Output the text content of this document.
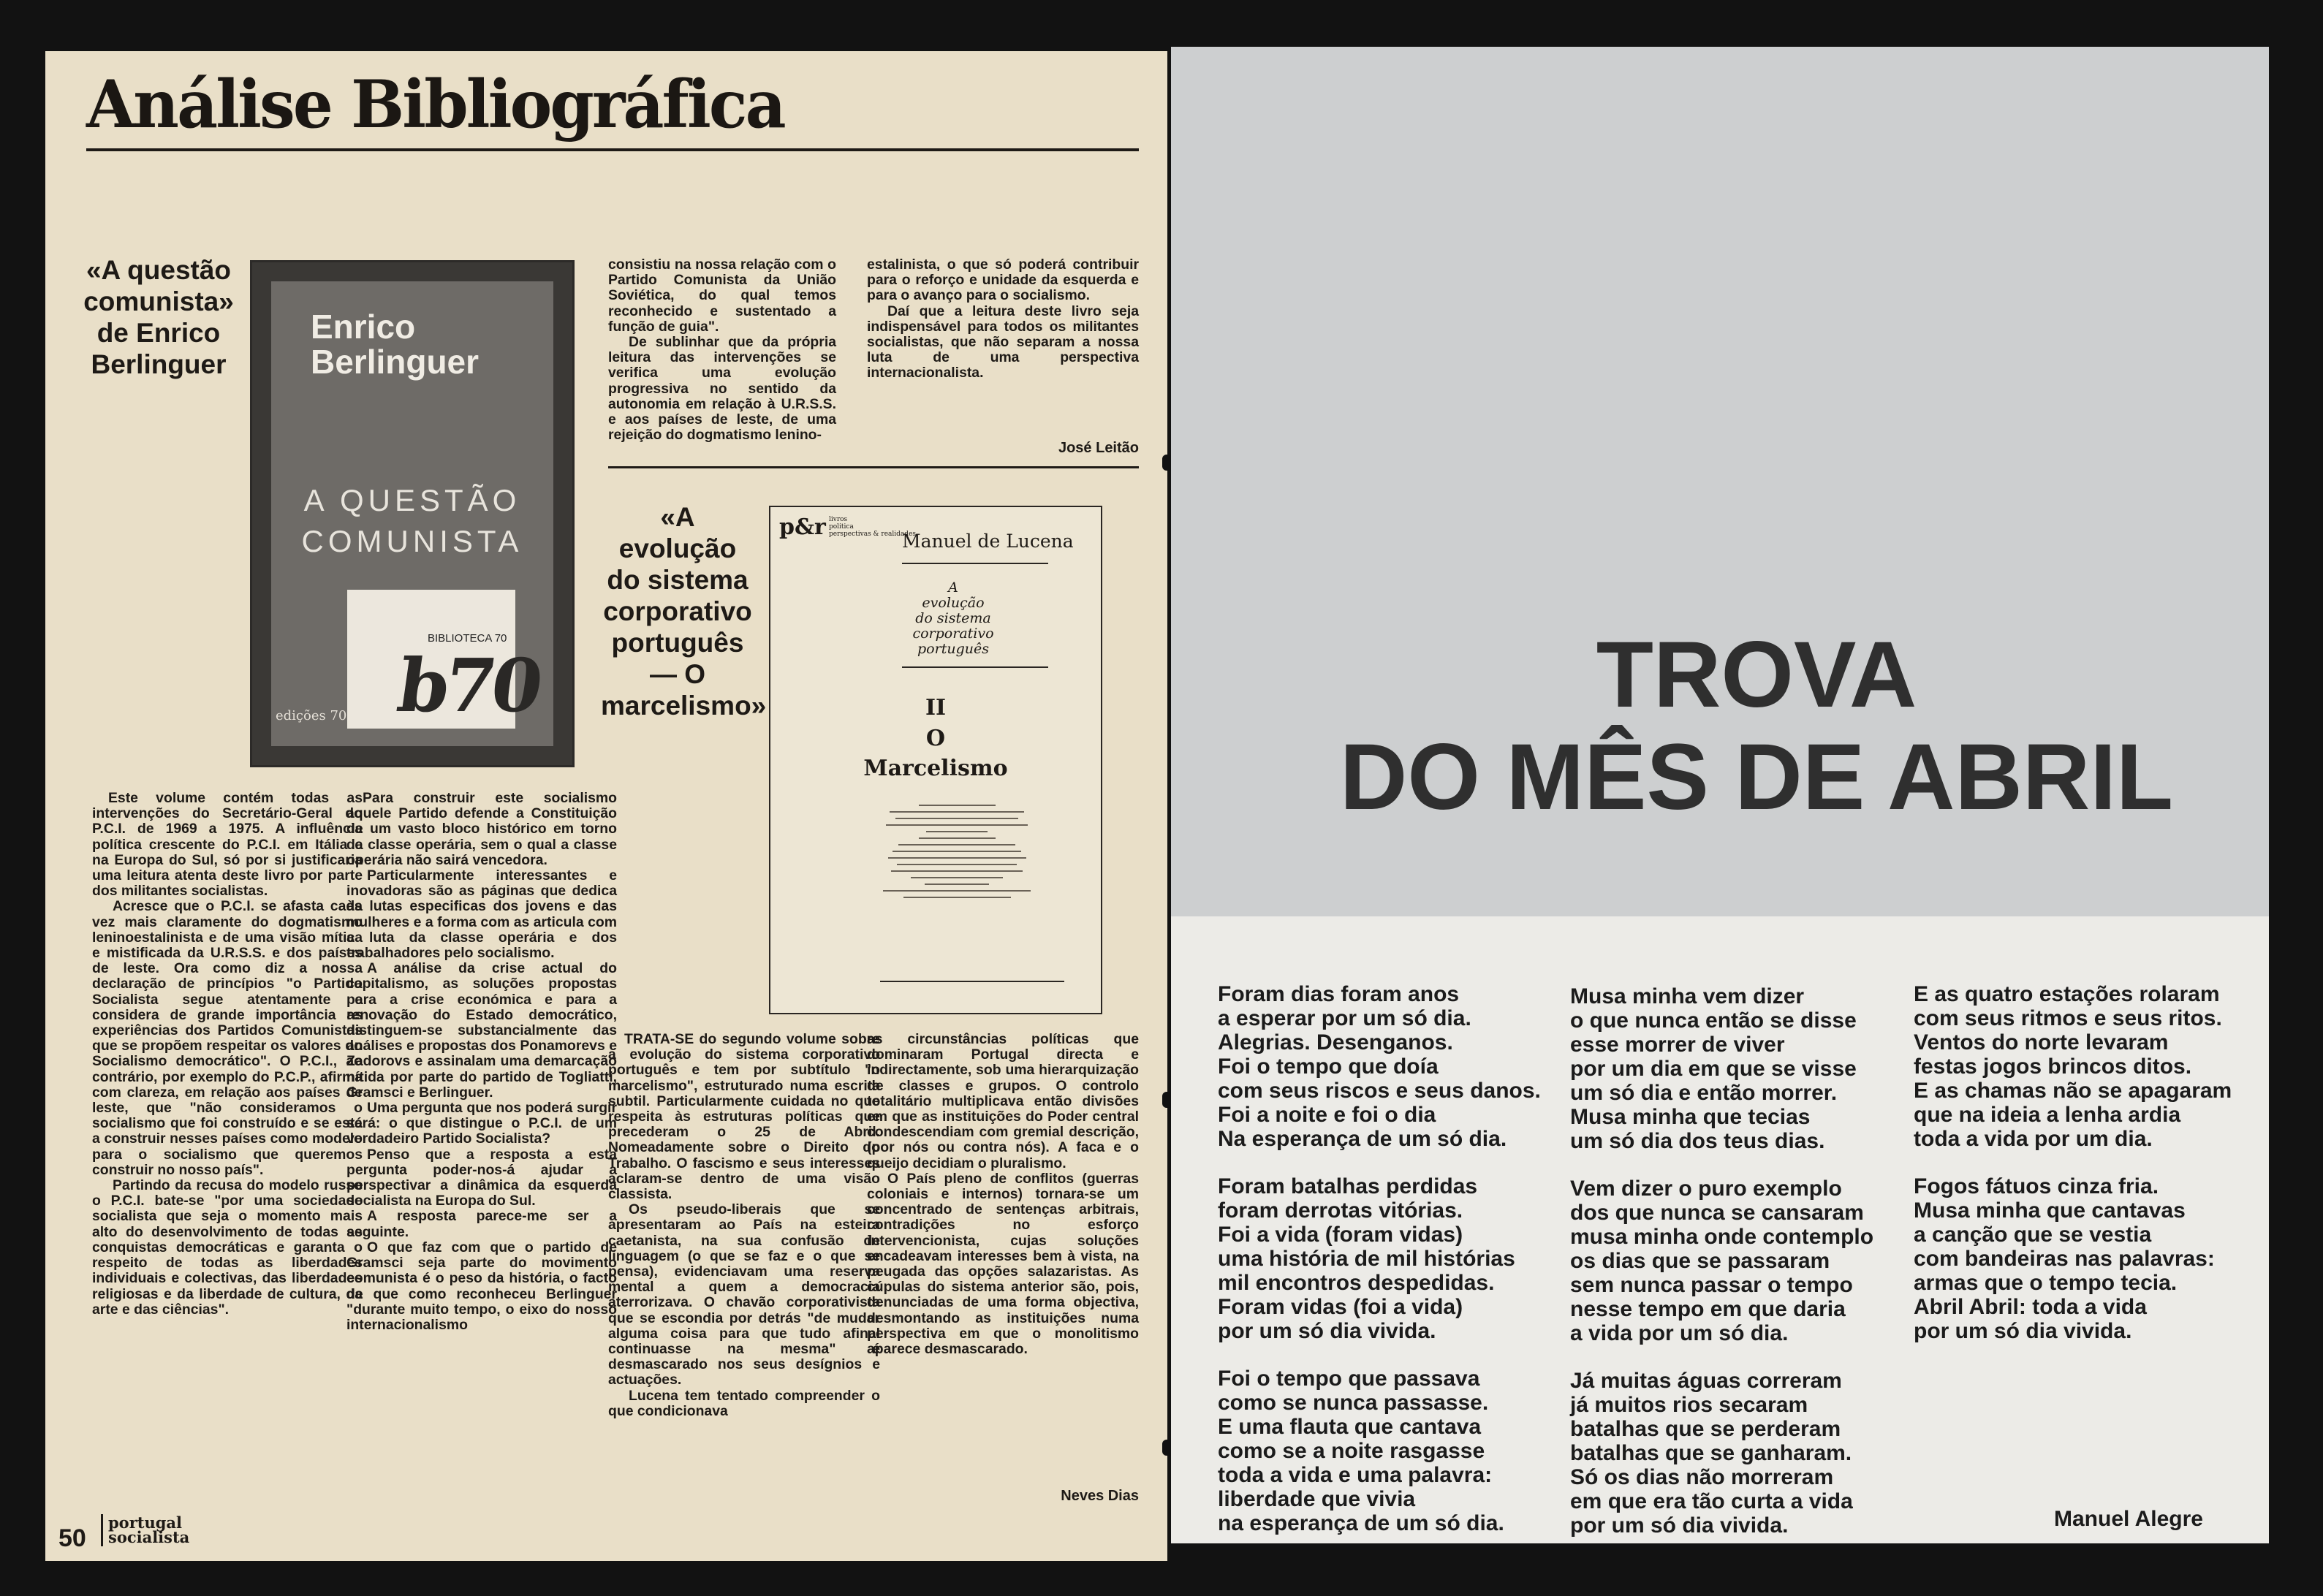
Análise Bibliográfica
«A questão
comunista»
de Enrico
Berlinguer
Enrico
Berlinguer
A QUESTÃO
COMUNISTA
BIBLIOTECA 70
b70
edições 70

Este volume contém todas as intervenções do Secretário-Geral do P.C.I. de 1969 a 1975. A influência política crescente do P.C.I. em Itália e na Europa do Sul, só por si justificaria uma leitura atenta deste livro por parte dos militantes socialistas.

Acresce que o P.C.I. se afasta cada vez mais claramente do dogmatismo leninoestalinista e de uma visão mítica e mistificada da U.R.S.S. e dos países de leste. Ora como diz a nossa declaração de princípios "o Partido Socialista segue atentamente e considera de grande importância as experiências dos Partidos Comunistas que se propõem respeitar os valores do Socialismo democrático". O P.C.I., ao contrário, por exemplo do P.C.P., afirma com clareza, em relação aos países de leste, que "não consideramos o socialismo que foi construído e se está a construir nesses países como modelo para o socialismo que queremos construir no nosso país".

Partindo da recusa do modelo russo o P.C.I. bate-se "por uma sociedade socialista que seja o momento mais alto do desenvolvimento de todas as conquistas democráticas e garanta o respeito de todas as liberdades individuais e colectivas, das liberdades religiosas e da liberdade de cultura, da arte e das ciências".

Para construir este socialismo aquele Partido defende a Constituição de um vasto bloco histórico em torno da classe operária, sem o qual a classe operária não sairá vencedora.

Particularmente interessantes e inovadoras são as páginas que dedica às lutas especificas dos jovens e das mulheres e a forma com as articula com a luta da classe operária e dos trabalhadores pelo socialismo.

A análise da crise actual do capitalismo, as soluções propostas para a crise económica e para a renovação do Estado democrático, distinguem-se substancialmente das análises e propostas dos Ponamorevs e Zadorovs e assinalam uma demarcação nítida por parte do partido de Togliatti, Gramsci e Berlinguer.

Uma pergunta que nos poderá surgir será: o que distingue o P.C.I. de um verdadeiro Partido Socialista?

Penso que a resposta a esta pergunta poder-nos-á ajudar a perspectivar a dinâmica da esquerda socialista na Europa do Sul.

A resposta parece-me ser a seguinte.

O que faz com que o partido de Gramsci seja parte do movimento comunista é o peso da história, o facto de que como reconheceu Berlinguer "durante muito tempo, o eixo do nosso internacionalismo

consistiu na nossa relação com o Partido Comunista da União Soviética, do qual temos reconhecido e sustentado a função de guia".

De sublinhar que da própria leitura das intervenções se verifica uma evolução progressiva no sentido da autonomia em relação à U.R.S.S. e aos países de leste, de uma rejeição do dogmatismo lenino-

estalinista, o que só poderá contribuir para o reforço e unidade da esquerda e para o avanço para o socialismo.

Daí que a leitura deste livro seja indispensável para todos os militantes socialistas, que não separam a nossa luta de uma perspectiva internacionalista.

José Leitão
«A evolução
do sistema
corporativo
português
— O
marcelismo»
p&r livros
politica
perspectivas & realidades
Manuel de Lucena
A
evolução
do sistema corporativo
português
II
O
Marcelismo

TRATA-SE do segundo volume sobre a evolução do sistema corporativo português e tem por subtítulo "o marcelismo", estruturado numa escrita subtil. Particularmente cuidada no que respeita às estruturas políticas que precederam o 25 de Abril. Nomeadamente sobre o Direito do Trabalho. O fascismo e seus interesses aclaram-se dentro de uma visão classista.

Os pseudo-liberais que se apresentaram ao País na esteira caetanista, na sua confusão de linguagem (o que se faz e o que se pensa), evidenciavam uma reserva mental a quem a democracia aterrorizava. O chavão corporativista que se escondia por detrás "de mudar alguma coisa para que tudo afinal continuasse na mesma" é desmascarado nos seus desígnios e actuações.

Lucena tem tentado compreender o que condicionava

as circunstâncias políticas que dominaram Portugal directa e indirectamente, sob uma hierarquização de classes e grupos. O controlo totalitário multiplicava então divisões em que as instituições do Poder central condescendiam com gremial descrição, (por nós ou contra nós). A faca e o queijo decidiam o pluralismo.

O País pleno de conflitos (guerras coloniais e internos) tornara-se um concentrado de sentenças arbitrais, contradições no esforço intervencionista, cujas soluções encadeavam interesses bem à vista, na peugada das opções salazaristas. As cúpulas do sistema anterior são, pois, denunciadas de uma forma objectiva, desmontando as instituições numa perspectiva em que o monolitismo aparece desmascarado.

Neves Dias
50
portugal
socialista
TROVA
DO MÊS DE ABRIL
Foram dias foram anos
a esperar por um só dia.
Alegrias. Desenganos.
Foi o tempo que doía
com seus riscos e seus danos.
Foi a noite e foi o dia
Na esperança de um só dia.
Foram batalhas perdidas
foram derrotas vitórias.
Foi a vida (foram vidas)
uma história de mil histórias
mil encontros despedidas.
Foram vidas (foi a vida)
por um só dia vivida.
Foi o tempo que passava
como se nunca passasse.
E uma flauta que cantava
como se a noite rasgasse
toda a vida e uma palavra:
liberdade que vivia
na esperança de um só dia.
Musa minha vem dizer
o que nunca então se disse
esse morrer de viver
por um dia em que se visse
um só dia e então morrer.
Musa minha que tecias
um só dia dos teus dias.
Vem dizer o puro exemplo
dos que nunca se cansaram
musa minha onde contemplo
os dias que se passaram
sem nunca passar o tempo
nesse tempo em que daria
a vida por um só dia.
Já muitas águas correram
já muitos rios secaram
batalhas que se perderam
batalhas que se ganharam.
Só os dias não morreram
em que era tão curta a vida
por um só dia vivida.
E as quatro estações rolaram
com seus ritmos e seus ritos.
Ventos do norte levaram
festas jogos brincos ditos.
E as chamas não se apagaram
que na ideia a lenha ardia
toda a vida por um dia.
Fogos fátuos cinza fria.
Musa minha que cantavas
a canção que se vestia
com bandeiras nas palavras:
armas que o tempo tecia.
Abril Abril: toda a vida
por um só dia vivida.
Manuel Alegre
